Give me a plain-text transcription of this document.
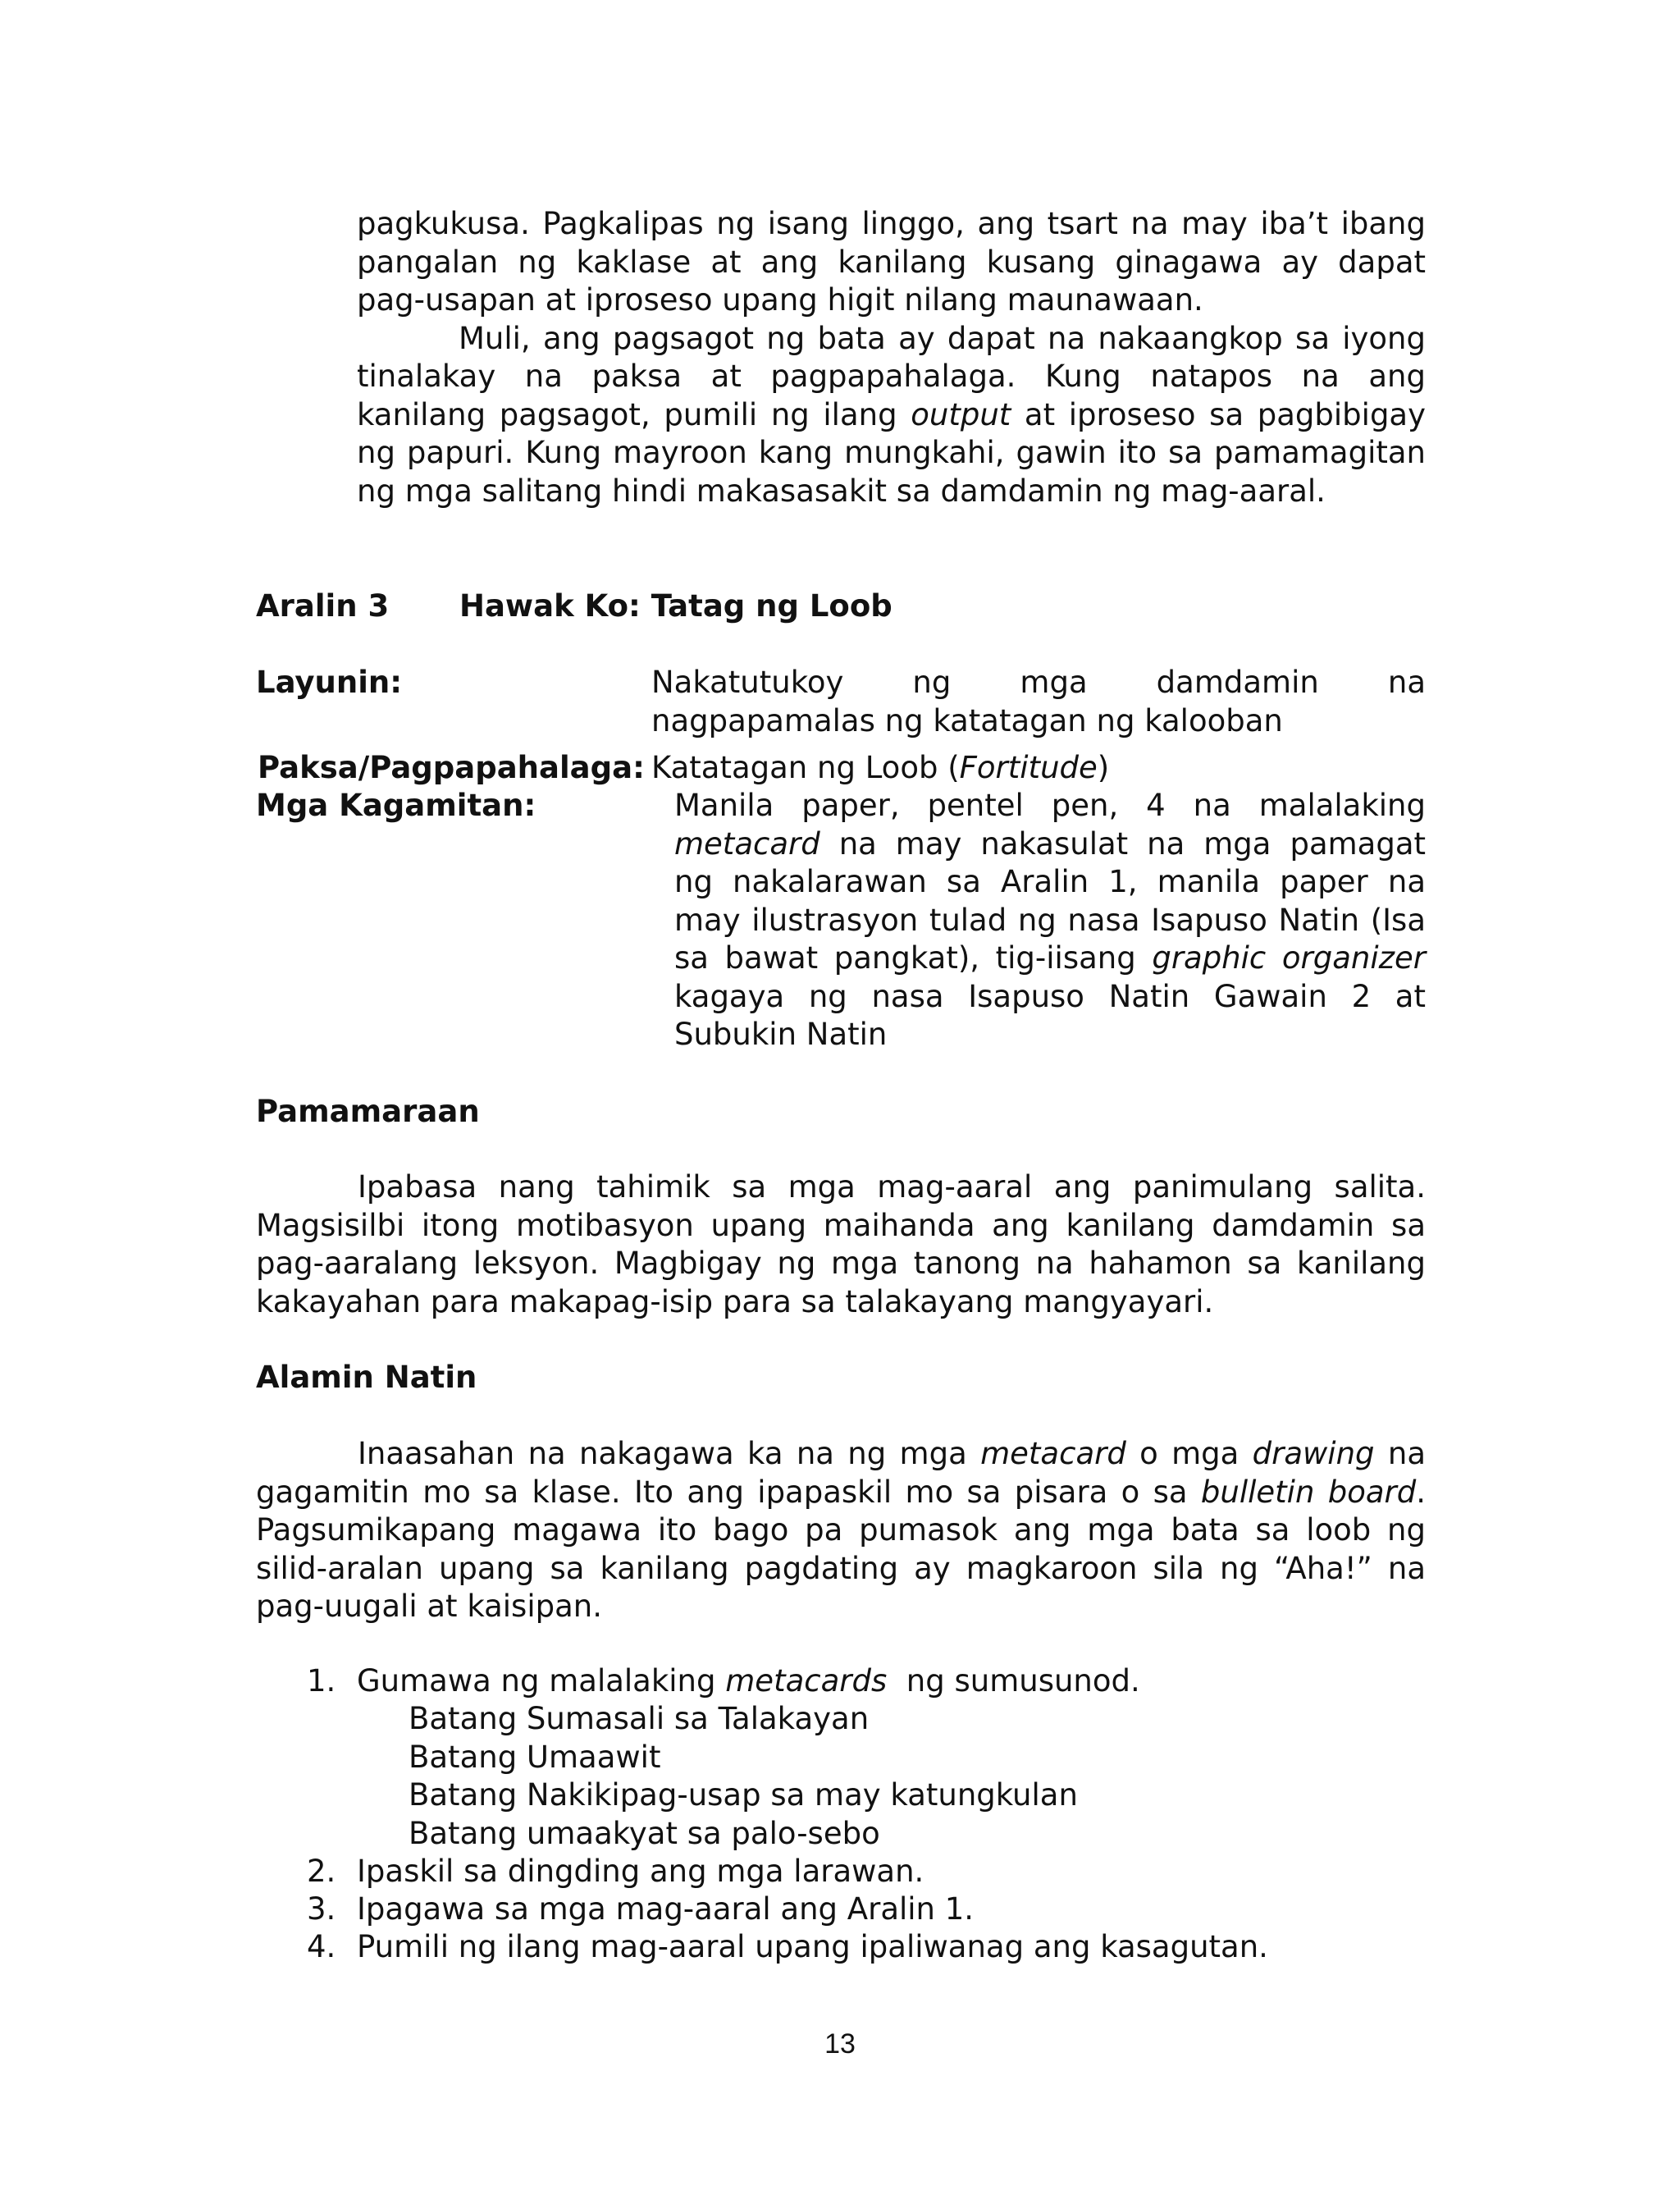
pagkukusa. Pagkalipas ng isang linggo, ang tsart na may iba’t ibang
pangalan ng kaklase at ang kanilang kusang ginagawa ay dapat
pag-usapan at iproseso upang higit nilang maunawaan.
Muli, ang pagsagot ng bata ay dapat na nakaangkop sa iyong
tinalakay na paksa at pagpapahalaga. Kung natapos na ang
kanilang pagsagot, pumili ng ilang output at iproseso sa pagbibigay
ng papuri. Kung mayroon kang mungkahi, gawin ito sa pamamagitan
ng mga salitang hindi makasasakit sa damdamin ng mag-aaral.
Aralin 3 Hawak Ko: Tatag ng Loob
Layunin:	Nakatutukoy ng mga damdamin na
nagpapamalas ng katatagan ng kalooban
Paksa/Pagpapahalaga: Katatagan ng Loob (Fortitude)
Mga Kagamitan:	Manila paper, pentel pen, 4 na malalaking
metacard na may nakasulat na mga pamagat
ng nakalarawan sa Aralin 1, manila paper na
may ilustrasyon tulad ng nasa Isapuso Natin (Isa
sa bawat pangkat), tig-iisang graphic organizer
kagaya ng nasa Isapuso Natin Gawain 2 at
Subukin Natin
Pamamaraan
Ipabasa nang tahimik sa mga mag-aaral ang panimulang salita.
Magsisilbi itong motibasyon upang maihanda ang kanilang damdamin sa
pag-aaralang leksyon. Magbigay ng mga tanong na hahamon sa kanilang
kakayahan para makapag-isip para sa talakayang mangyayari.
Alamin Natin
Inaasahan na nakagawa ka na ng mga metacard o mga drawing na
gagamitin mo sa klase. Ito ang ipapaskil mo sa pisara o sa bulletin board.
Pagsumikapang magawa ito bago pa pumasok ang mga bata sa loob ng
silid-aralan upang sa kanilang pagdating ay magkaroon sila ng “Aha!” na
pag-uugali at kaisipan.
1. Gumawa ng malalaking metacards  ng sumusunod.
Batang Sumasali sa Talakayan
Batang Umaawit
Batang Nakikipag-usap sa may katungkulan
Batang umaakyat sa palo-sebo
2. Ipaskil sa dingding ang mga larawan.
3. Ipagawa sa mga mag-aaral ang Aralin 1.
4. Pumili ng ilang mag-aaral upang ipaliwanag ang kasagutan.
13
